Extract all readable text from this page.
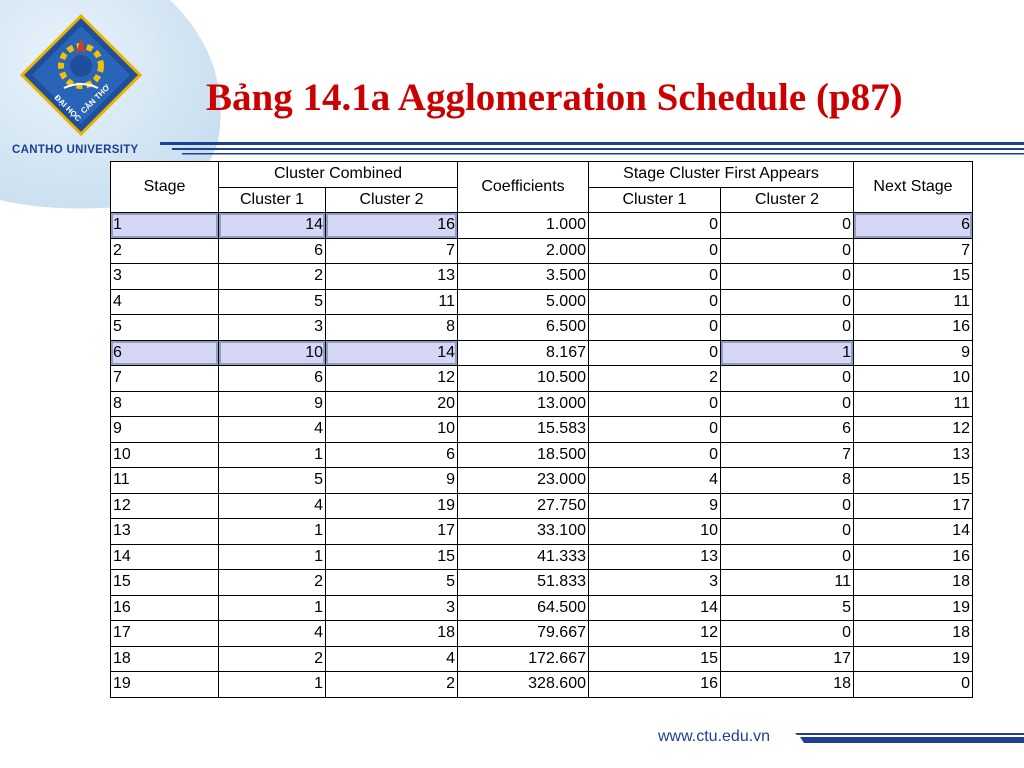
ĐẠI HỌC
CẦN THƠ
CANTHO UNIVERSITY
Bảng 14.1a Agglomeration Schedule (p87)
Stage	Cluster Combined		Coefficients	Stage Cluster First Appears		Next Stage
	Cluster 1	Cluster 2		Cluster 1	Cluster 2	
1	14	16	1.000	0	0	6
2	6	7	2.000	0	0	7
3	2	13	3.500	0	0	15
4	5	11	5.000	0	0	11
5	3	8	6.500	0	0	16
6	10	14	8.167	0	1	9
7	6	12	10.500	2	0	10
8	9	20	13.000	0	0	11
9	4	10	15.583	0	6	12
10	1	6	18.500	0	7	13
11	5	9	23.000	4	8	15
12	4	19	27.750	9	0	17
13	1	17	33.100	10	0	14
14	1	15	41.333	13	0	16
15	2	5	51.833	3	11	18
16	1	3	64.500	14	5	19
17	4	18	79.667	12	0	18
18	2	4	172.667	15	17	19
19	1	2	328.600	16	18	0
www.ctu.edu.vn
